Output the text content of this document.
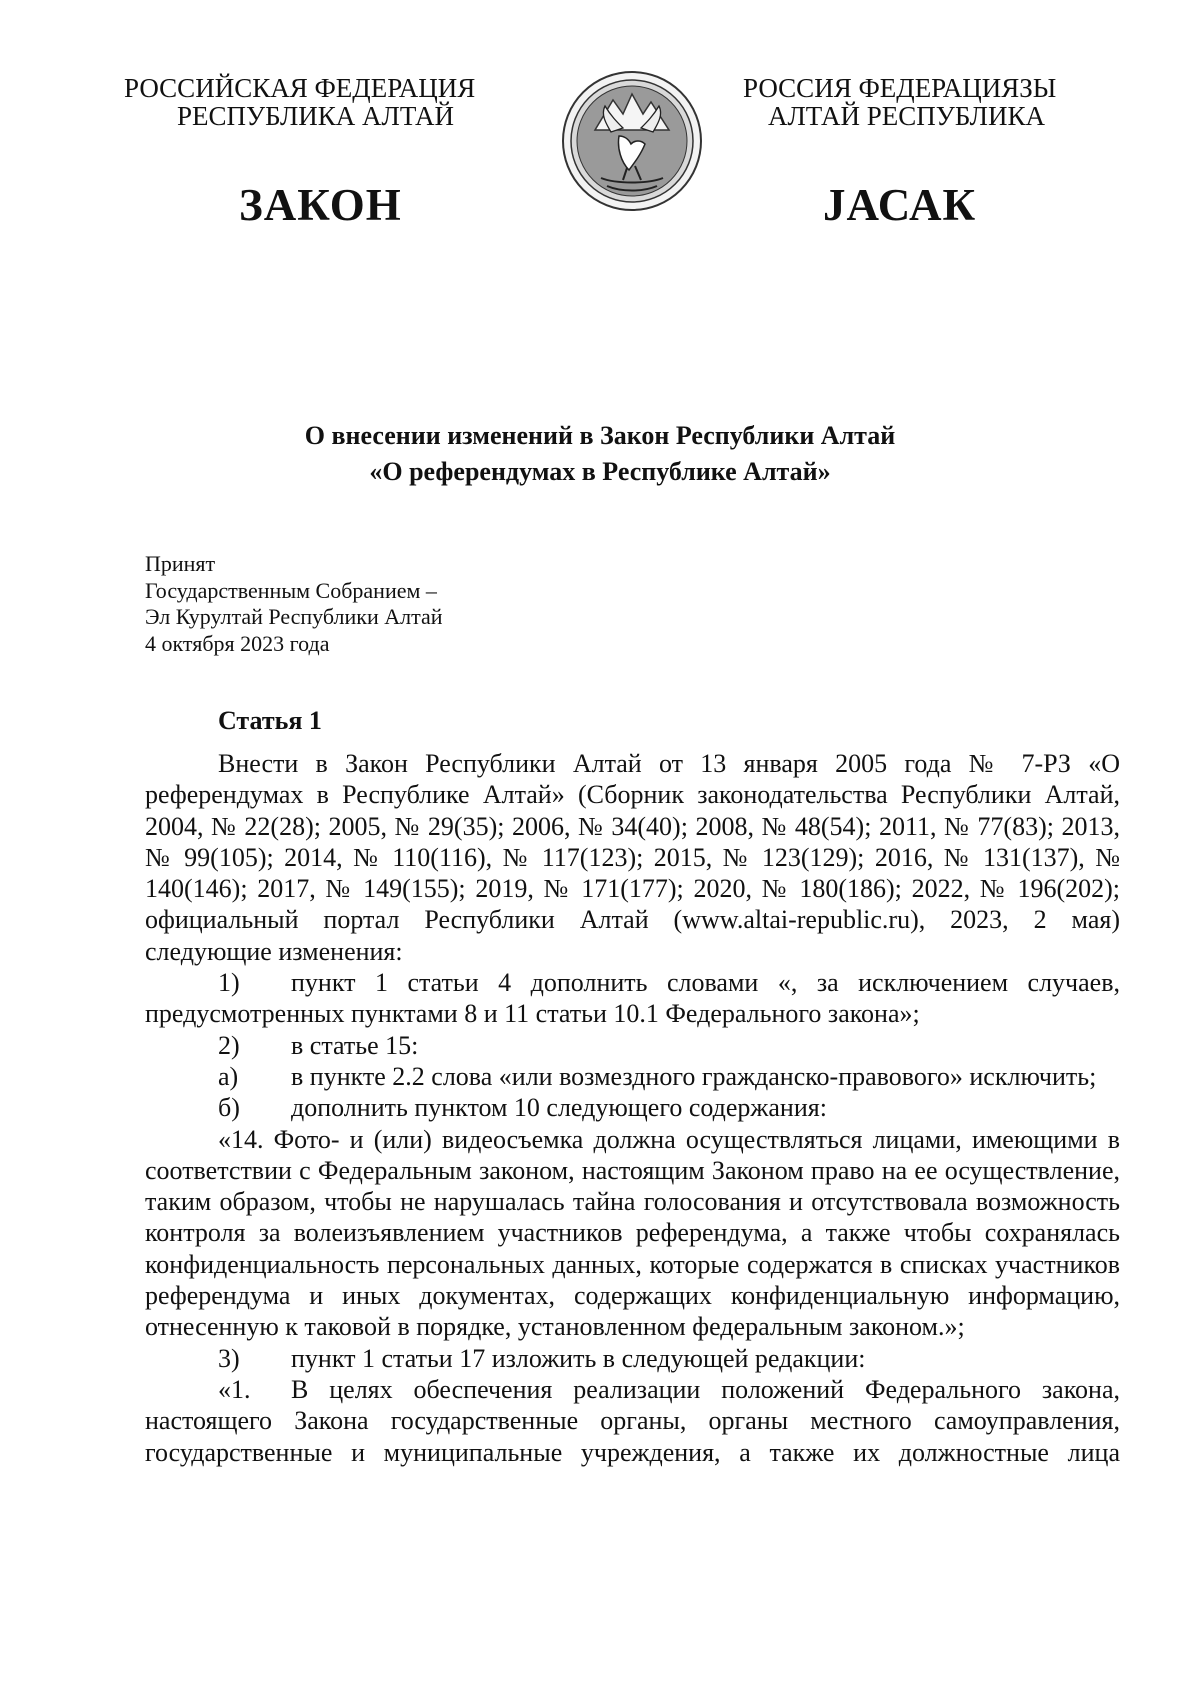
РОССИЙСКАЯ ФЕДЕРАЦИЯ
РЕСПУБЛИКА АЛТАЙ
РОССИЯ ФЕДЕРАЦИЯЗЫ
АЛТАЙ РЕСПУБЛИКА
ЗАКОН	JАСАК
О внесении изменений в Закон Республики Алтай
«О референдумах в Республике Алтай»
Принят
Государственным Собранием –
Эл Курултай Республики Алтай
4 октября 2023 года

Статья 1

Внести в Закон Республики Алтай от 13 января 2005 года № 7-РЗ «О референдумах в Республике Алтай» (Сборник законодательства Республики Алтай, 2004, № 22(28); 2005, № 29(35); 2006, № 34(40); 2008, № 48(54); 2011, № 77(83); 2013, № 99(105); 2014, № 110(116), № 117(123); 2015, № 123(129); 2016, № 131(137), № 140(146); 2017, № 149(155); 2019, № 171(177); 2020, № 180(186); 2022, № 196(202); официальный портал Республики Алтай (www.altai-republic.ru), 2023, 2 мая) следующие изменения:

1) пункт 1 статьи 4 дополнить словами «, за исключением случаев, предусмотренных пунктами 8 и 11 статьи 10.1 Федерального закона»;

2) в статье 15:

а) в пункте 2.2 слова «или возмездного гражданско-правового» исключить;

б) дополнить пунктом 10 следующего содержания:

«14. Фото- и (или) видеосъемка должна осуществляться лицами, имеющими в соответствии с Федеральным законом, настоящим Законом право на ее осуществление, таким образом, чтобы не нарушалась тайна голосования и отсутствовала возможность контроля за волеизъявлением участников референдума, а также чтобы сохранялась конфиденциальность персональных данных, которые содержатся в списках участников референдума и иных документах, содержащих конфиденциальную информацию, отнесенную к таковой в порядке, установленном федеральным законом.»;

3) пункт 1 статьи 17 изложить в следующей редакции:

«1. В целях обеспечения реализации положений Федерального закона, настоящего Закона государственные органы, органы местного самоуправления, государственные и муниципальные учреждения, а также их должностные лица
